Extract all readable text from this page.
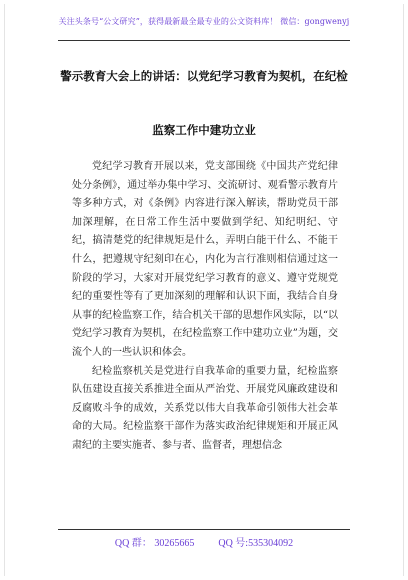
关注头条号“公文研究”，获得最新最全最专业的公文资料库！ 微信：gongwenyj
警示教育大会上的讲话：以党纪学习教育为契机，在纪检
监察工作中建功立业

党纪学习教育开展以来，党支部围绕《中国共产党纪律处分条例》，通过举办集中学习、交流研讨、观看警示教育片等多种方式，对《条例》内容进行深入解读，帮助党员干部加深理解，在日常工作生活中要做到学纪、知纪明纪、守纪，搞清楚党的纪律规矩是什么，弄明白能干什么、不能干什么，把遵规守纪刻印在心，内化为言行准则相信通过这一阶段的学习，大家对开展党纪学习教育的意义、遵守党规党纪的重要性等有了更加深刻的理解和认识下面，我结合自身从事的纪检监察工作，结合机关干部的思想作风实际，以“以党纪学习教育为契机，在纪检监察工作中建功立业”为题，交流个人的一些认识和体会。

纪检监察机关是党进行自我革命的重要力量，纪检监察队伍建设直接关系推进全面从严治党、开展党风廉政建设和反腐败斗争的成效，关系党以伟大自我革命引领伟大社会革命的大局。纪检监察干部作为落实政治纪律规矩和开展正风肃纪的主要实施者、参与者、监督者，理想信念

QQ 群： 30265665 QQ 号:535304092
